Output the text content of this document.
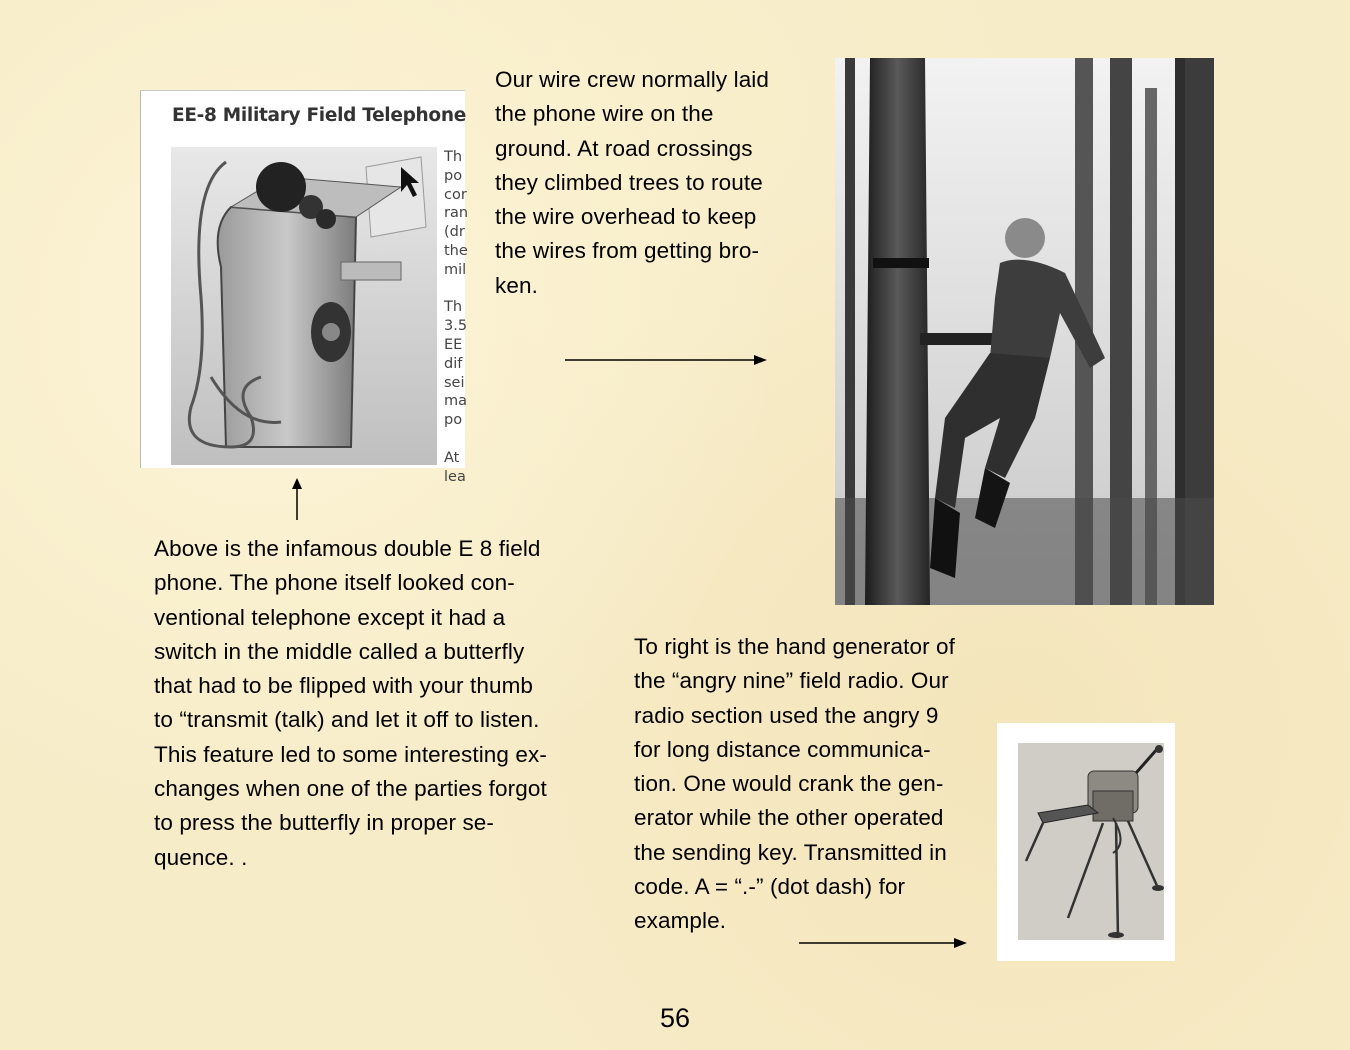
EE-8 Military Field Telephone
Th
po
cor
ran
(dr
the
mil

Th
3.5
EE
dif
sei
ma
po

At
lea

Our wire crew normally laid
the phone wire on the
ground. At road crossings
they climbed trees to route
the wire overhead to keep
the wires from getting bro-
ken.

Above is the infamous double E 8 field
phone. The phone itself looked con-
ventional telephone except it had a
switch in the middle called a butterfly
that had to be flipped with your thumb
to “transmit (talk) and let it off to listen.
This feature led to some interesting ex-
changes when one of the parties forgot
to press the butterfly in proper se-
quence. .

To right is the hand generator of
the “angry nine” field radio. Our
radio section used the angry 9
for long distance communica-
tion. One would crank the gen-
erator while the other operated
the sending key. Transmitted in
code. A = “.-” (dot dash) for
example.

56
